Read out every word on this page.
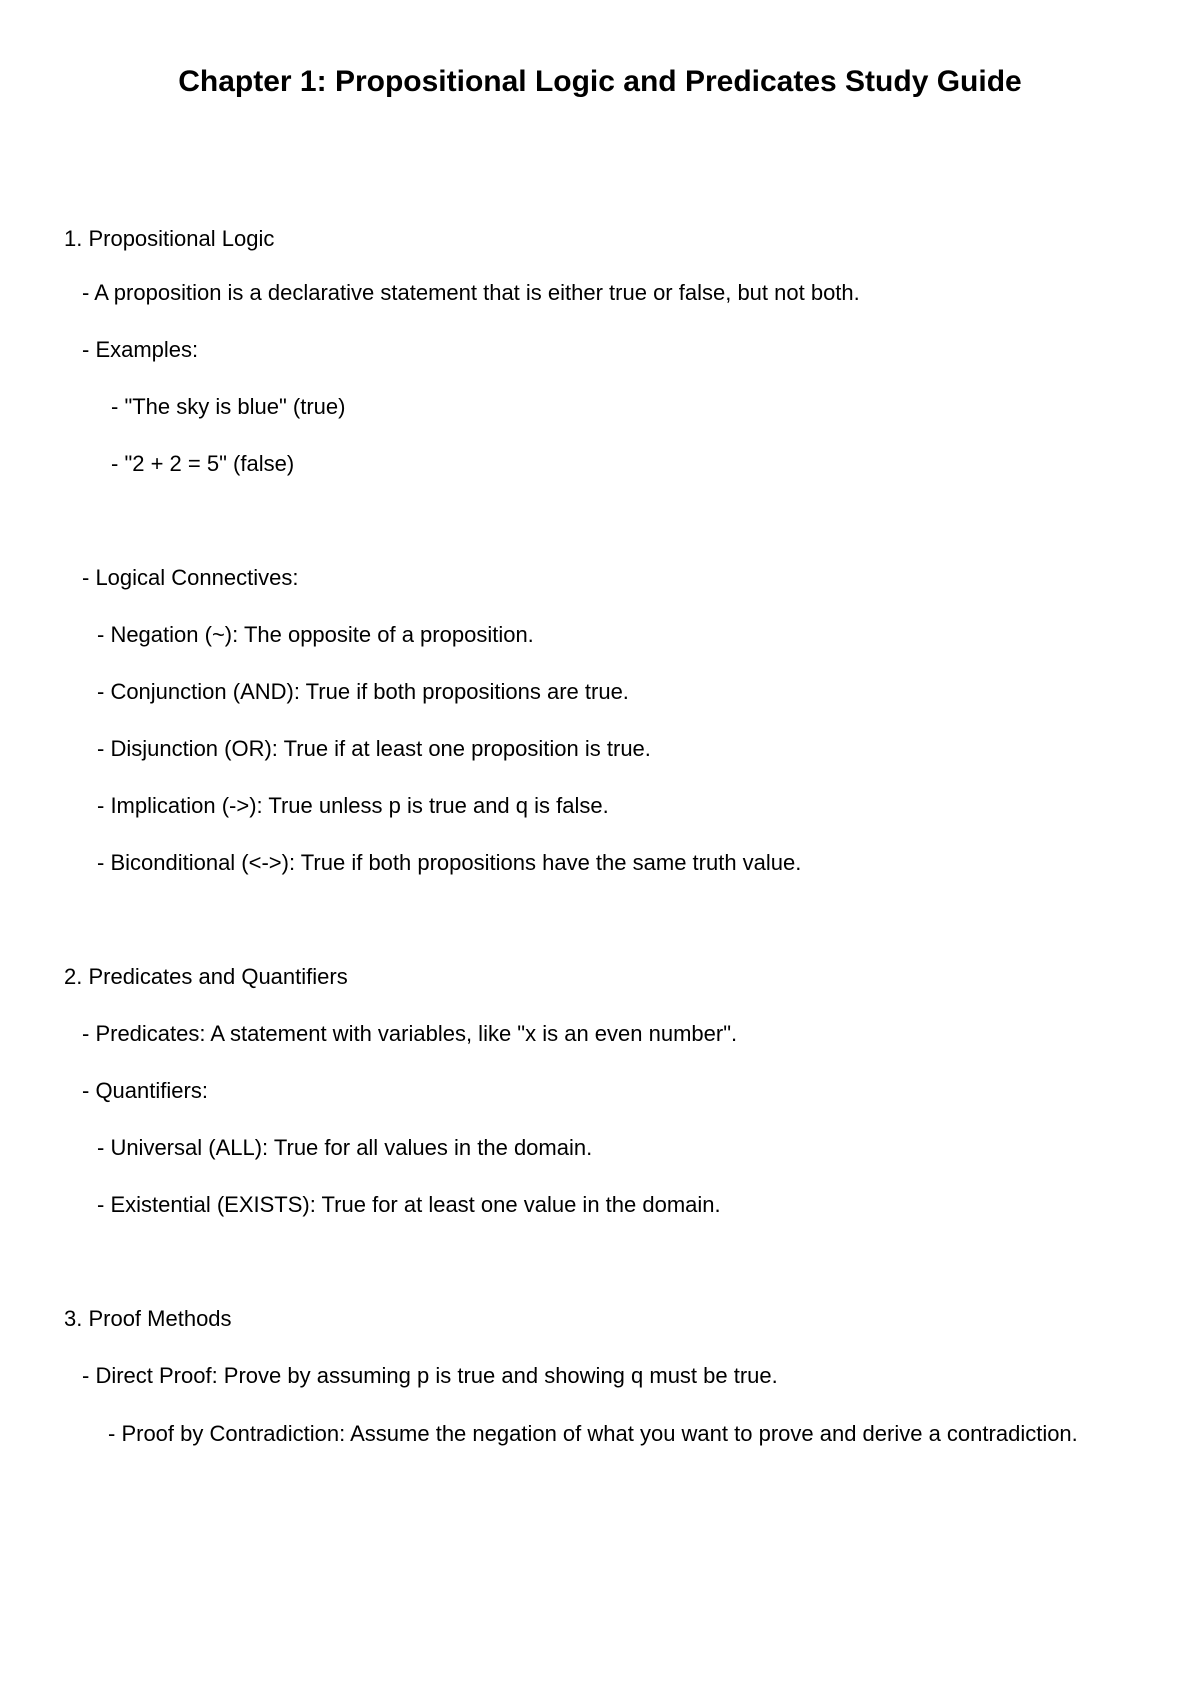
Chapter 1: Propositional Logic and Predicates Study Guide

1. Propositional Logic

- A proposition is a declarative statement that is either true or false, but not both.

- Examples:

- "The sky is blue" (true)

- "2 + 2 = 5" (false)

- Logical Connectives:

- Negation (~): The opposite of a proposition.

- Conjunction (AND): True if both propositions are true.

- Disjunction (OR): True if at least one proposition is true.

- Implication (->): True unless p is true and q is false.

- Biconditional (<->): True if both propositions have the same truth value.

2. Predicates and Quantifiers

- Predicates: A statement with variables, like "x is an even number".

- Quantifiers:

- Universal (ALL): True for all values in the domain.

- Existential (EXISTS): True for at least one value in the domain.

3. Proof Methods

- Direct Proof: Prove by assuming p is true and showing q must be true.

- Proof by Contradiction: Assume the negation of what you want to prove and derive a contradiction.
